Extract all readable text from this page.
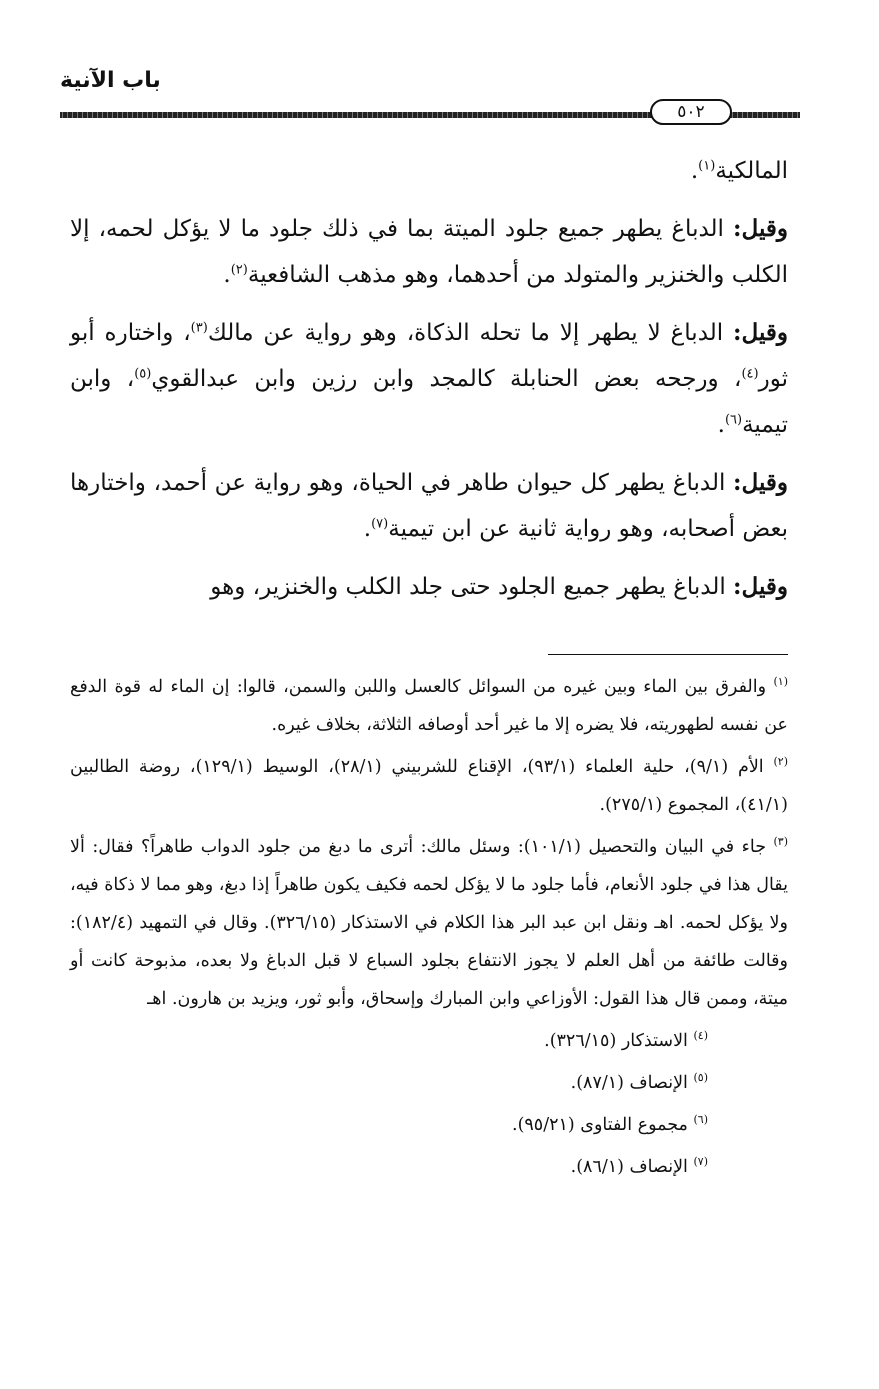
باب الآنية
٥٠٢

المالكية$^{(١)}$.

وقيل: الدباغ يطهر جميع جلود الميتة بما في ذلك جلود ما لا يؤكل لحمه، إلا الكلب والخنزير والمتولد من أحدهما، وهو مذهب الشافعية$^{(٢)}$.

وقيل: الدباغ لا يطهر إلا ما تحله الذكاة، وهو رواية عن مالك$^{(٣)}$، واختاره أبو ثور$^{(٤)}$، ورجحه بعض الحنابلة كالمجد وابن رزين وابن عبدالقوي$^{(٥)}$، وابن تيمية$^{(٦)}$.

وقيل: الدباغ يطهر كل حيوان طاهر في الحياة، وهو رواية عن أحمد، واختارها بعض أصحابه، وهو رواية ثانية عن ابن تيمية$^{(٧)}$.

وقيل: الدباغ يطهر جميع الجلود حتى جلد الكلب والخنزير، وهو

$^{(١)}$ والفرق بين الماء وبين غيره من السوائل كالعسل واللبن والسمن، قالوا: إن الماء له قوة الدفع عن نفسه لطهوريته، فلا يضره إلا ما غير أحد أوصافه الثلاثة، بخلاف غيره.

$^{(٢)}$ الأم (٩/١)، حلية العلماء (٩٣/١)، الإقناع للشربيني (٢٨/١)، الوسيط (١٢٩/١)، روضة الطالبين (٤١/١)، المجموع (٢٧٥/١).

$^{(٣)}$ جاء في البيان والتحصيل (١٠١/١): وسئل مالك: أترى ما دبغ من جلود الدواب طاهراً؟ فقال: ألا يقال هذا في جلود الأنعام، فأما جلود ما لا يؤكل لحمه فكيف يكون طاهراً إذا دبغ، وهو مما لا ذكاة فيه، ولا يؤكل لحمه. اهـ ونقل ابن عبد البر هذا الكلام في الاستذكار (٣٢٦/١٥). وقال في التمهيد (١٨٢/٤): وقالت طائفة من أهل العلم لا يجوز الانتفاع بجلود السباع لا قبل الدباغ ولا بعده، مذبوحة كانت أو ميتة، وممن قال هذا القول: الأوزاعي وابن المبارك وإسحاق، وأبو ثور، ويزيد بن هارون. اهـ

$^{(٤)}$ الاستذكار (٣٢٦/١٥).

$^{(٥)}$ الإنصاف (٨٧/١).

$^{(٦)}$ مجموع الفتاوى (٩٥/٢١).

$^{(٧)}$ الإنصاف (٨٦/١).
